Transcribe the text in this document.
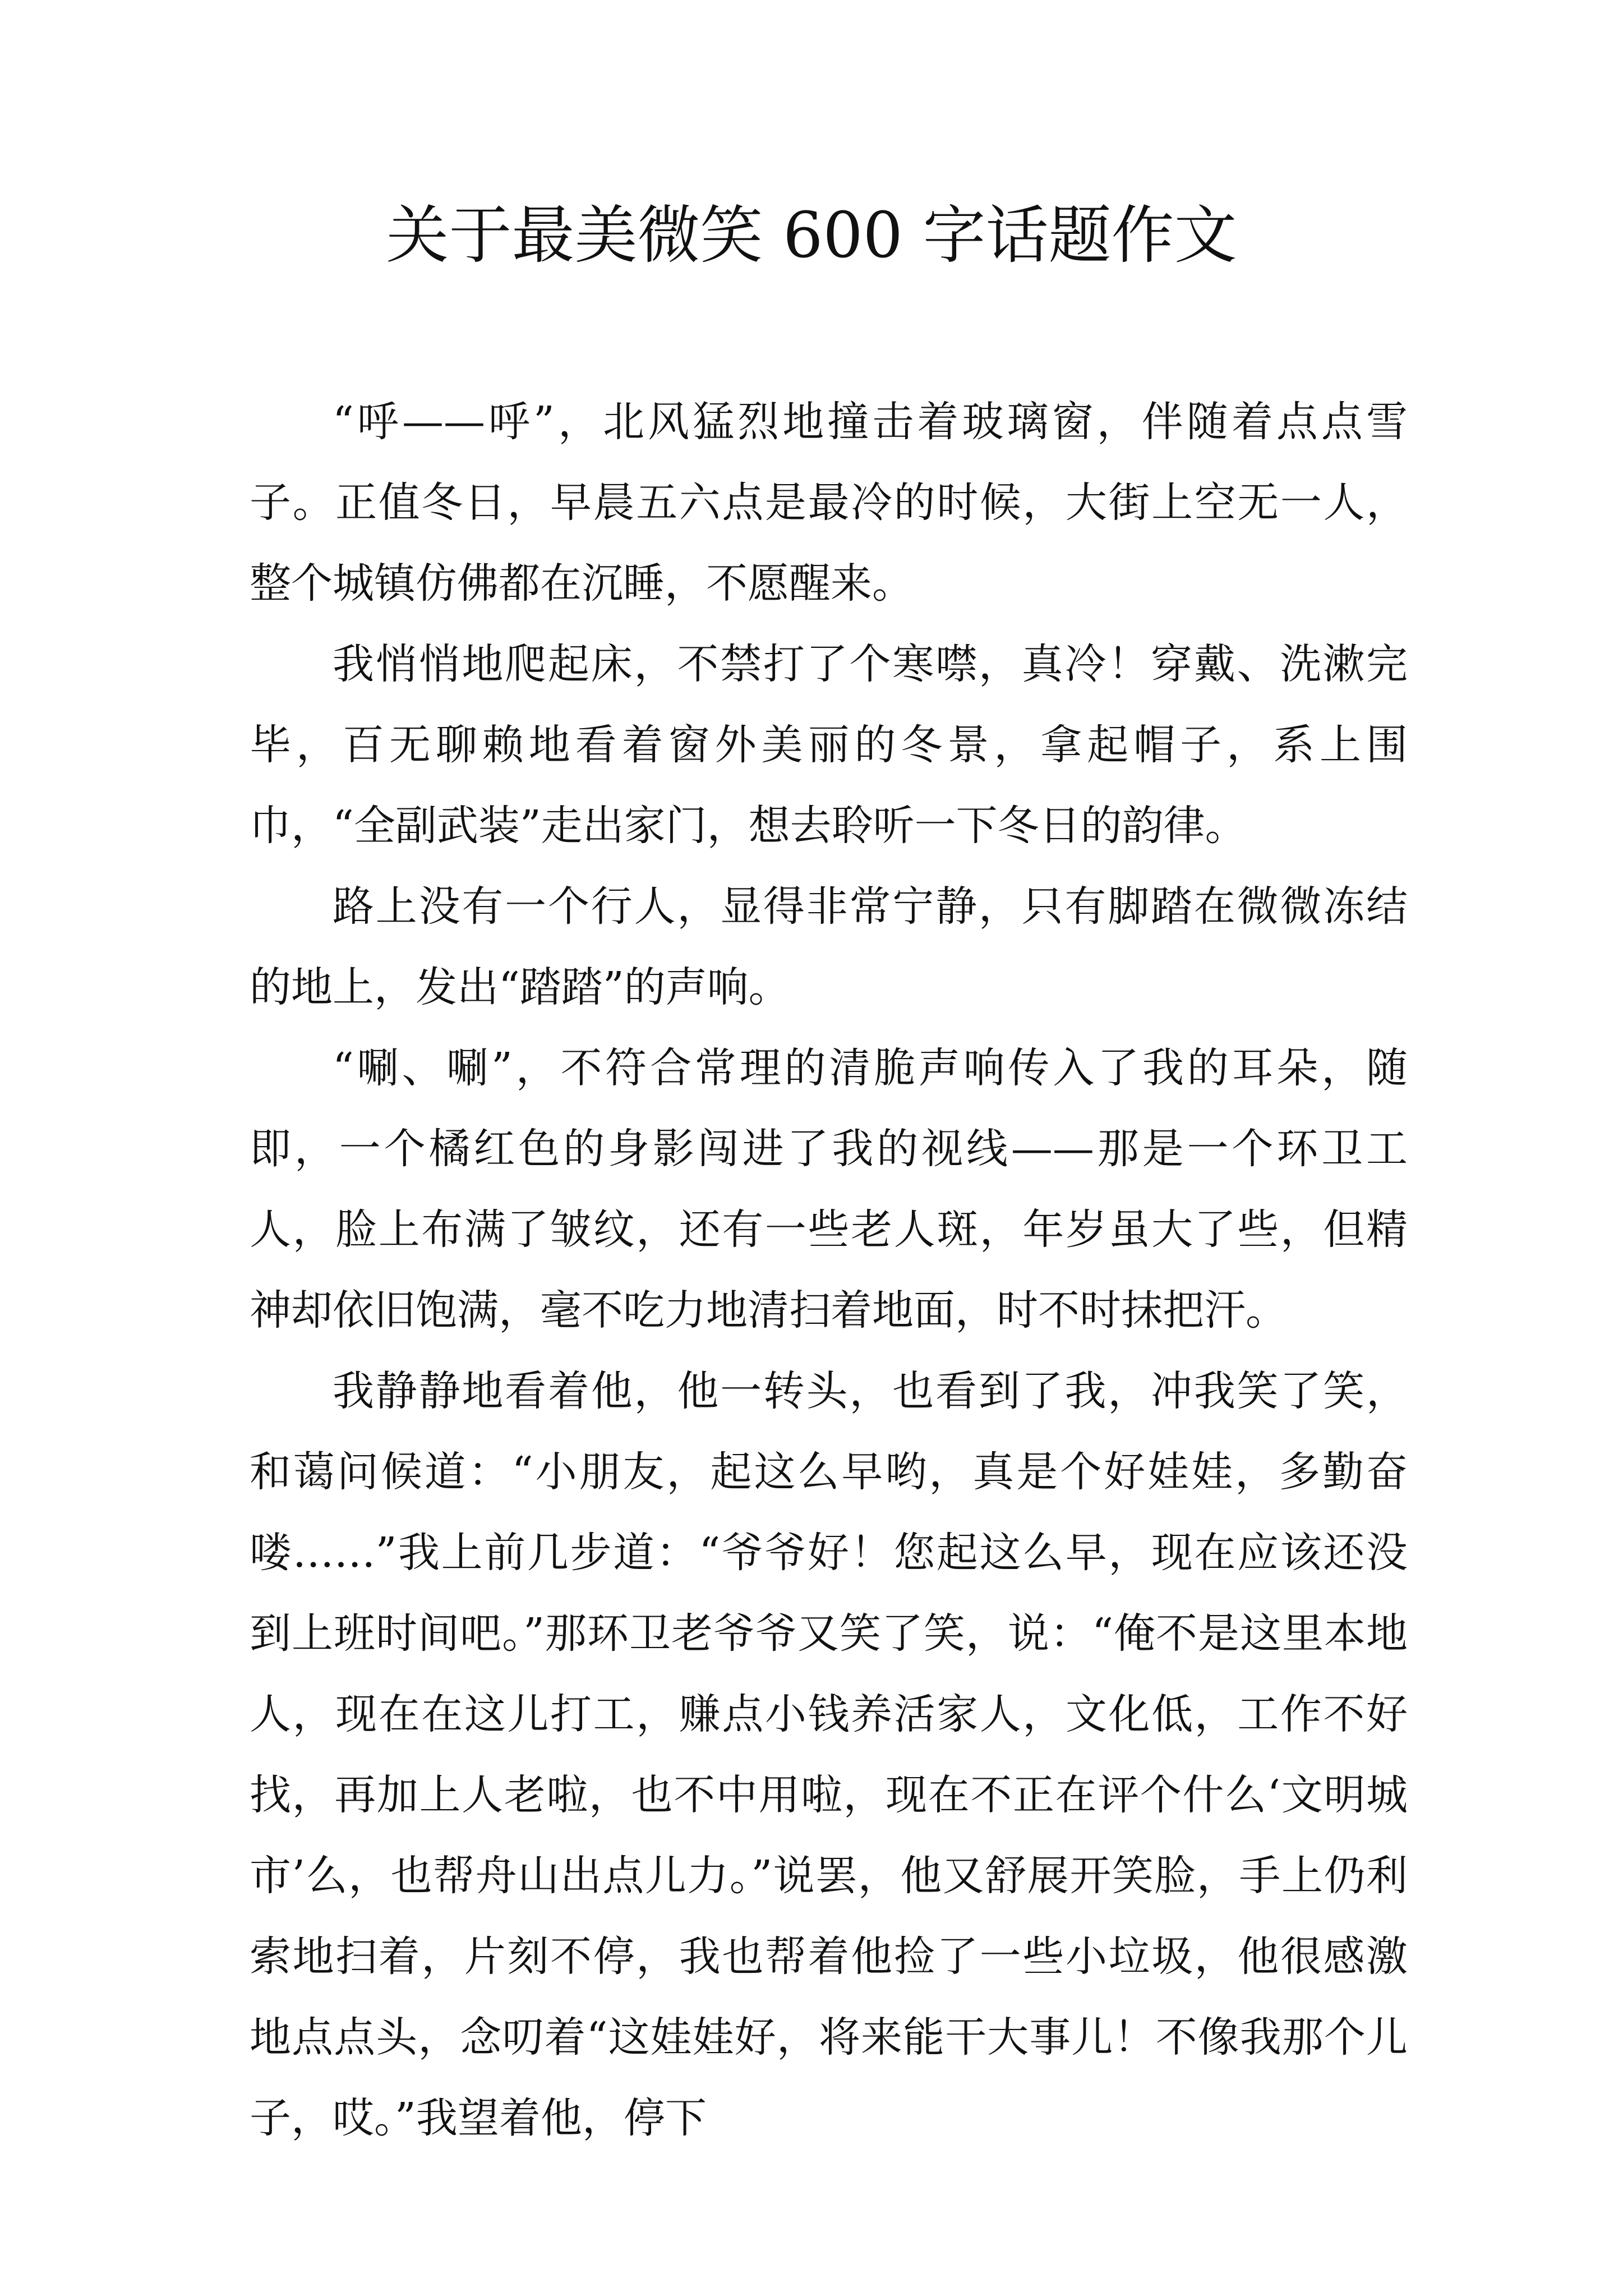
关于最美微笑 600 字话题作文

“呼——呼”，北风猛烈地撞击着玻璃窗，伴随着点点雪子。正值冬日，早晨五六点是最冷的时候，大街上空无一人，整个城镇仿佛都在沉睡，不愿醒来。

我悄悄地爬起床，不禁打了个寒噤，真冷！穿戴、洗漱完毕，百无聊赖地看着窗外美丽的冬景，拿起帽子，系上围巾，“全副武装”走出家门，想去聆听一下冬日的韵律。

路上没有一个行人，显得非常宁静，只有脚踏在微微冻结的地上，发出“踏踏”的声响。

“唰、唰”，不符合常理的清脆声响传入了我的耳朵，随即，一个橘红色的身影闯进了我的视线——那是一个环卫工人，脸上布满了皱纹，还有一些老人斑，年岁虽大了些，但精神却依旧饱满，毫不吃力地清扫着地面，时不时抹把汗。

我静静地看着他，他一转头，也看到了我，冲我笑了笑，和蔼问候道：“小朋友，起这么早哟，真是个好娃娃，多勤奋喽……”我上前几步道：“爷爷好！您起这么早，现在应该还没到上班时间吧。”那环卫老爷爷又笑了笑，说：“俺不是这里本地人，现在在这儿打工，赚点小钱养活家人，文化低，工作不好找，再加上人老啦，也不中用啦，现在不正在评个什么‘文明城市’么，也帮舟山出点儿力。”说罢，他又舒展开笑脸，手上仍利索地扫着，片刻不停，我也帮着他捡了一些小垃圾，他很感激地点点头，念叨着“这娃娃好，将来能干大事儿！不像我那个儿子，哎。”我望着他，停下
